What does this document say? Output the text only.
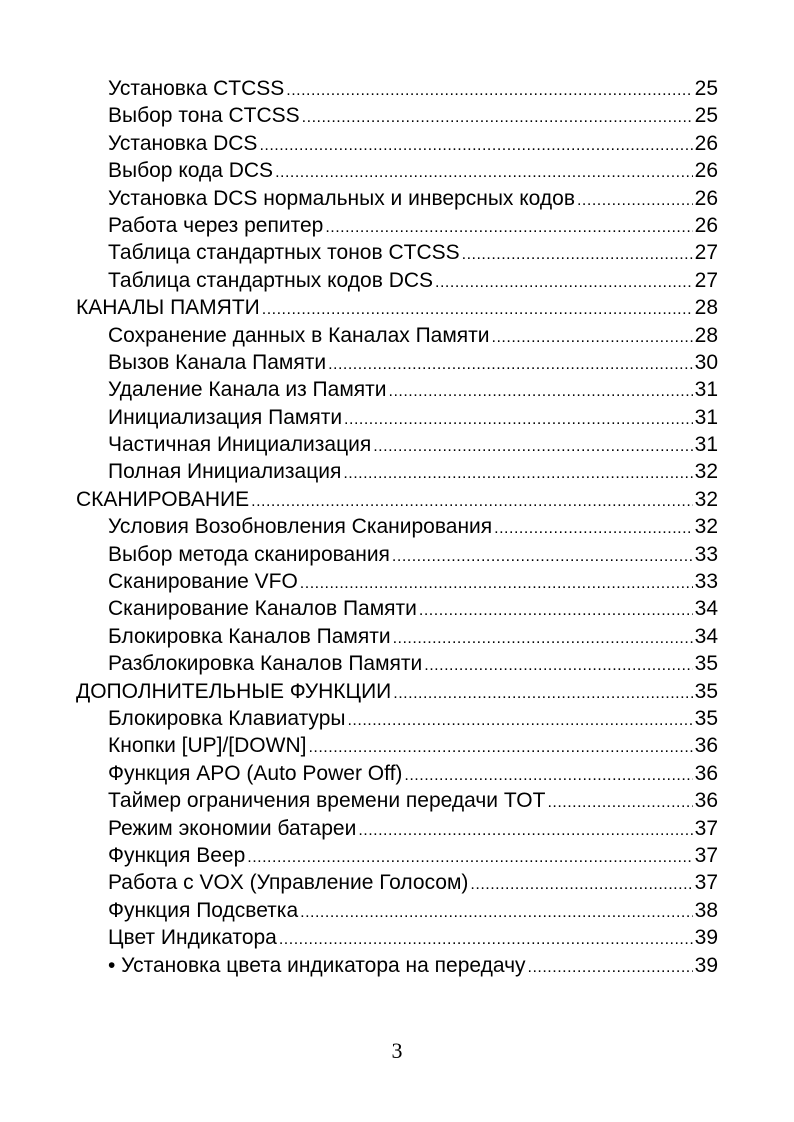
Установка CTCSS .....	25
Выбор тона CTCSS .....	25
Установка DCS .....	26
Выбор кода DCS .....	26
Установка DCS нормальных и инверсных кодов .....	26
Работа через репитер .....	26
Таблица стандартных тонов CTCSS .....	27
Таблица стандартных кодов DCS .....	27
КАНАЛЫ ПАМЯТИ .....	28
Сохранение данных в Каналах Памяти .....	28
Вызов Канала Памяти .....	30
Удаление Канала из Памяти .....	31
Инициализация Памяти .....	31
Частичная Инициализация .....	31
Полная Инициализация .....	32
СКАНИРОВАНИЕ .....	32
Условия Возобновления Сканирования .....	32
Выбор метода сканирования .....	33
Сканирование VFO .....	33
Сканирование Каналов Памяти .....	34
Блокировка Каналов Памяти .....	34
Разблокировка Каналов Памяти .....	35
ДОПОЛНИТЕЛЬНЫЕ ФУНКЦИИ .....	35
Блокировка Клавиатуры .....	35
Кнопки [UP]/[DOWN] .....	36
Функция APO (Auto Power Off) .....	36
Таймер ограничения времени передачи TOT .....	36
Режим экономии батареи .....	37
Функция Beep .....	37
Работа с VOX (Управление Голосом) .....	37
Функция Подсветка .....	38
Цвет Индикатора .....	39
• Установка цвета индикатора на передачу .....	39
3
